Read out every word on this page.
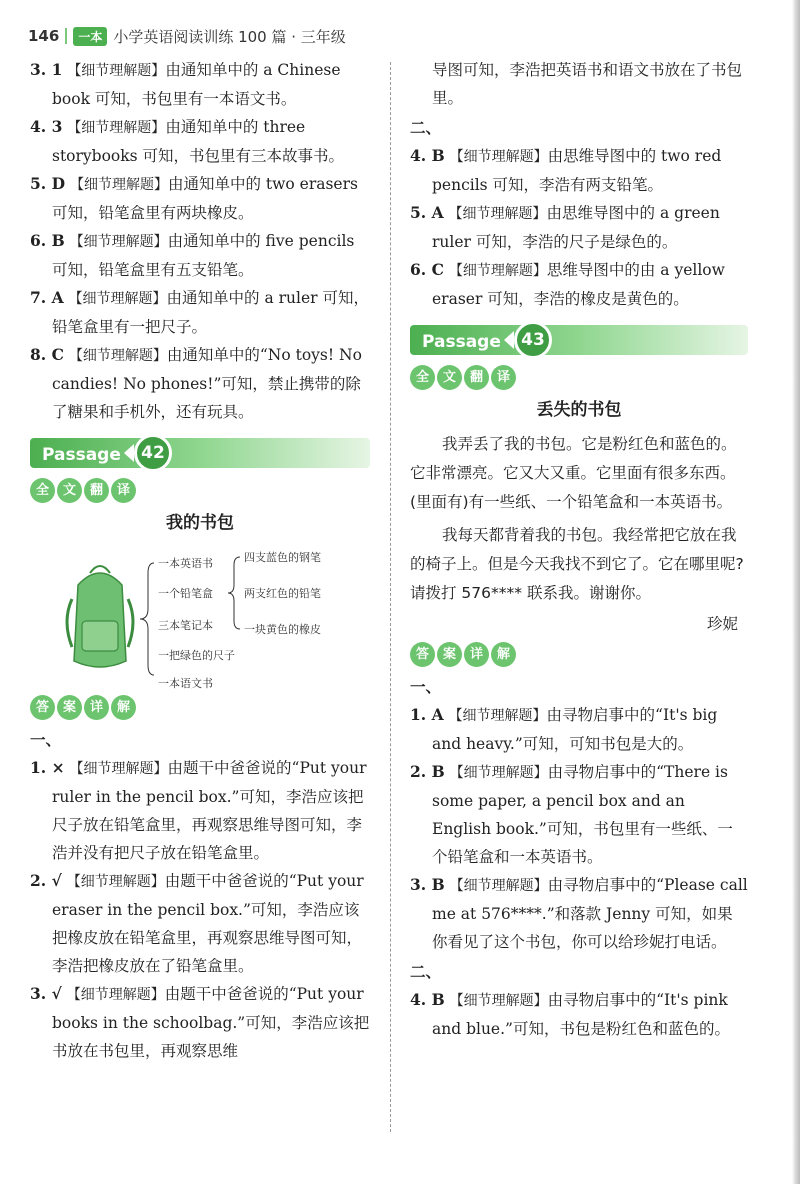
146	一本 小学英语阅读训练 100 篇 · 三年级

3. 1 【细节理解题】由通知单中的 a Chinese book 可知，书包里有一本语文书。

4. 3 【细节理解题】由通知单中的 three storybooks 可知，书包里有三本故事书。

5. D 【细节理解题】由通知单中的 two erasers 可知，铅笔盒里有两块橡皮。

6. B 【细节理解题】由通知单中的 five pencils 可知，铅笔盒里有五支铅笔。

7. A 【细节理解题】由通知单中的 a ruler 可知，铅笔盒里有一把尺子。

8. C 【细节理解题】由通知单中的“No toys! No candies! No phones!”可知，禁止携带的除了糖果和手机外，还有玩具。

Passage	42
全	文	翻	译
我的书包
一本英语书
一个铅笔盒
三本笔记本
一把绿色的尺子
一本语文书
四支蓝色的钢笔
两支红色的铅笔
一块黄色的橡皮
答	案	详	解

一、

1. × 【细节理解题】由题干中爸爸说的“Put your ruler in the pencil box.”可知，李浩应该把尺子放在铅笔盒里，再观察思维导图可知，李浩并没有把尺子放在铅笔盒里。

2. √ 【细节理解题】由题干中爸爸说的“Put your eraser in the pencil box.”可知，李浩应该把橡皮放在铅笔盒里，再观察思维导图可知，李浩把橡皮放在了铅笔盒里。

3. √ 【细节理解题】由题干中爸爸说的“Put your books in the schoolbag.”可知，李浩应该把书放在书包里，再观察思维

导图可知，李浩把英语书和语文书放在了书包里。

二、

4. B 【细节理解题】由思维导图中的 two red pencils 可知，李浩有两支铅笔。

5. A 【细节理解题】由思维导图中的 a green ruler 可知，李浩的尺子是绿色的。

6. C 【细节理解题】思维导图中的由 a yellow eraser 可知，李浩的橡皮是黄色的。

Passage	43
全	文	翻	译
丢失的书包

我弄丢了我的书包。它是粉红色和蓝色的。它非常漂亮。它又大又重。它里面有很多东西。(里面有)有一些纸、一个铅笔盒和一本英语书。

我每天都背着我的书包。我经常把它放在我的椅子上。但是今天我找不到它了。它在哪里呢? 请拨打 576**** 联系我。谢谢你。

珍妮

答	案	详	解

一、

1. A 【细节理解题】由寻物启事中的“It's big and heavy.”可知，可知书包是大的。

2. B 【细节理解题】由寻物启事中的“There is some paper, a pencil box and an English book.”可知，书包里有一些纸、一个铅笔盒和一本英语书。

3. B 【细节理解题】由寻物启事中的“Please call me at 576****.”和落款 Jenny 可知，如果你看见了这个书包，你可以给珍妮打电话。

二、

4. B 【细节理解题】由寻物启事中的“It's pink and blue.”可知，书包是粉红色和蓝色的。
